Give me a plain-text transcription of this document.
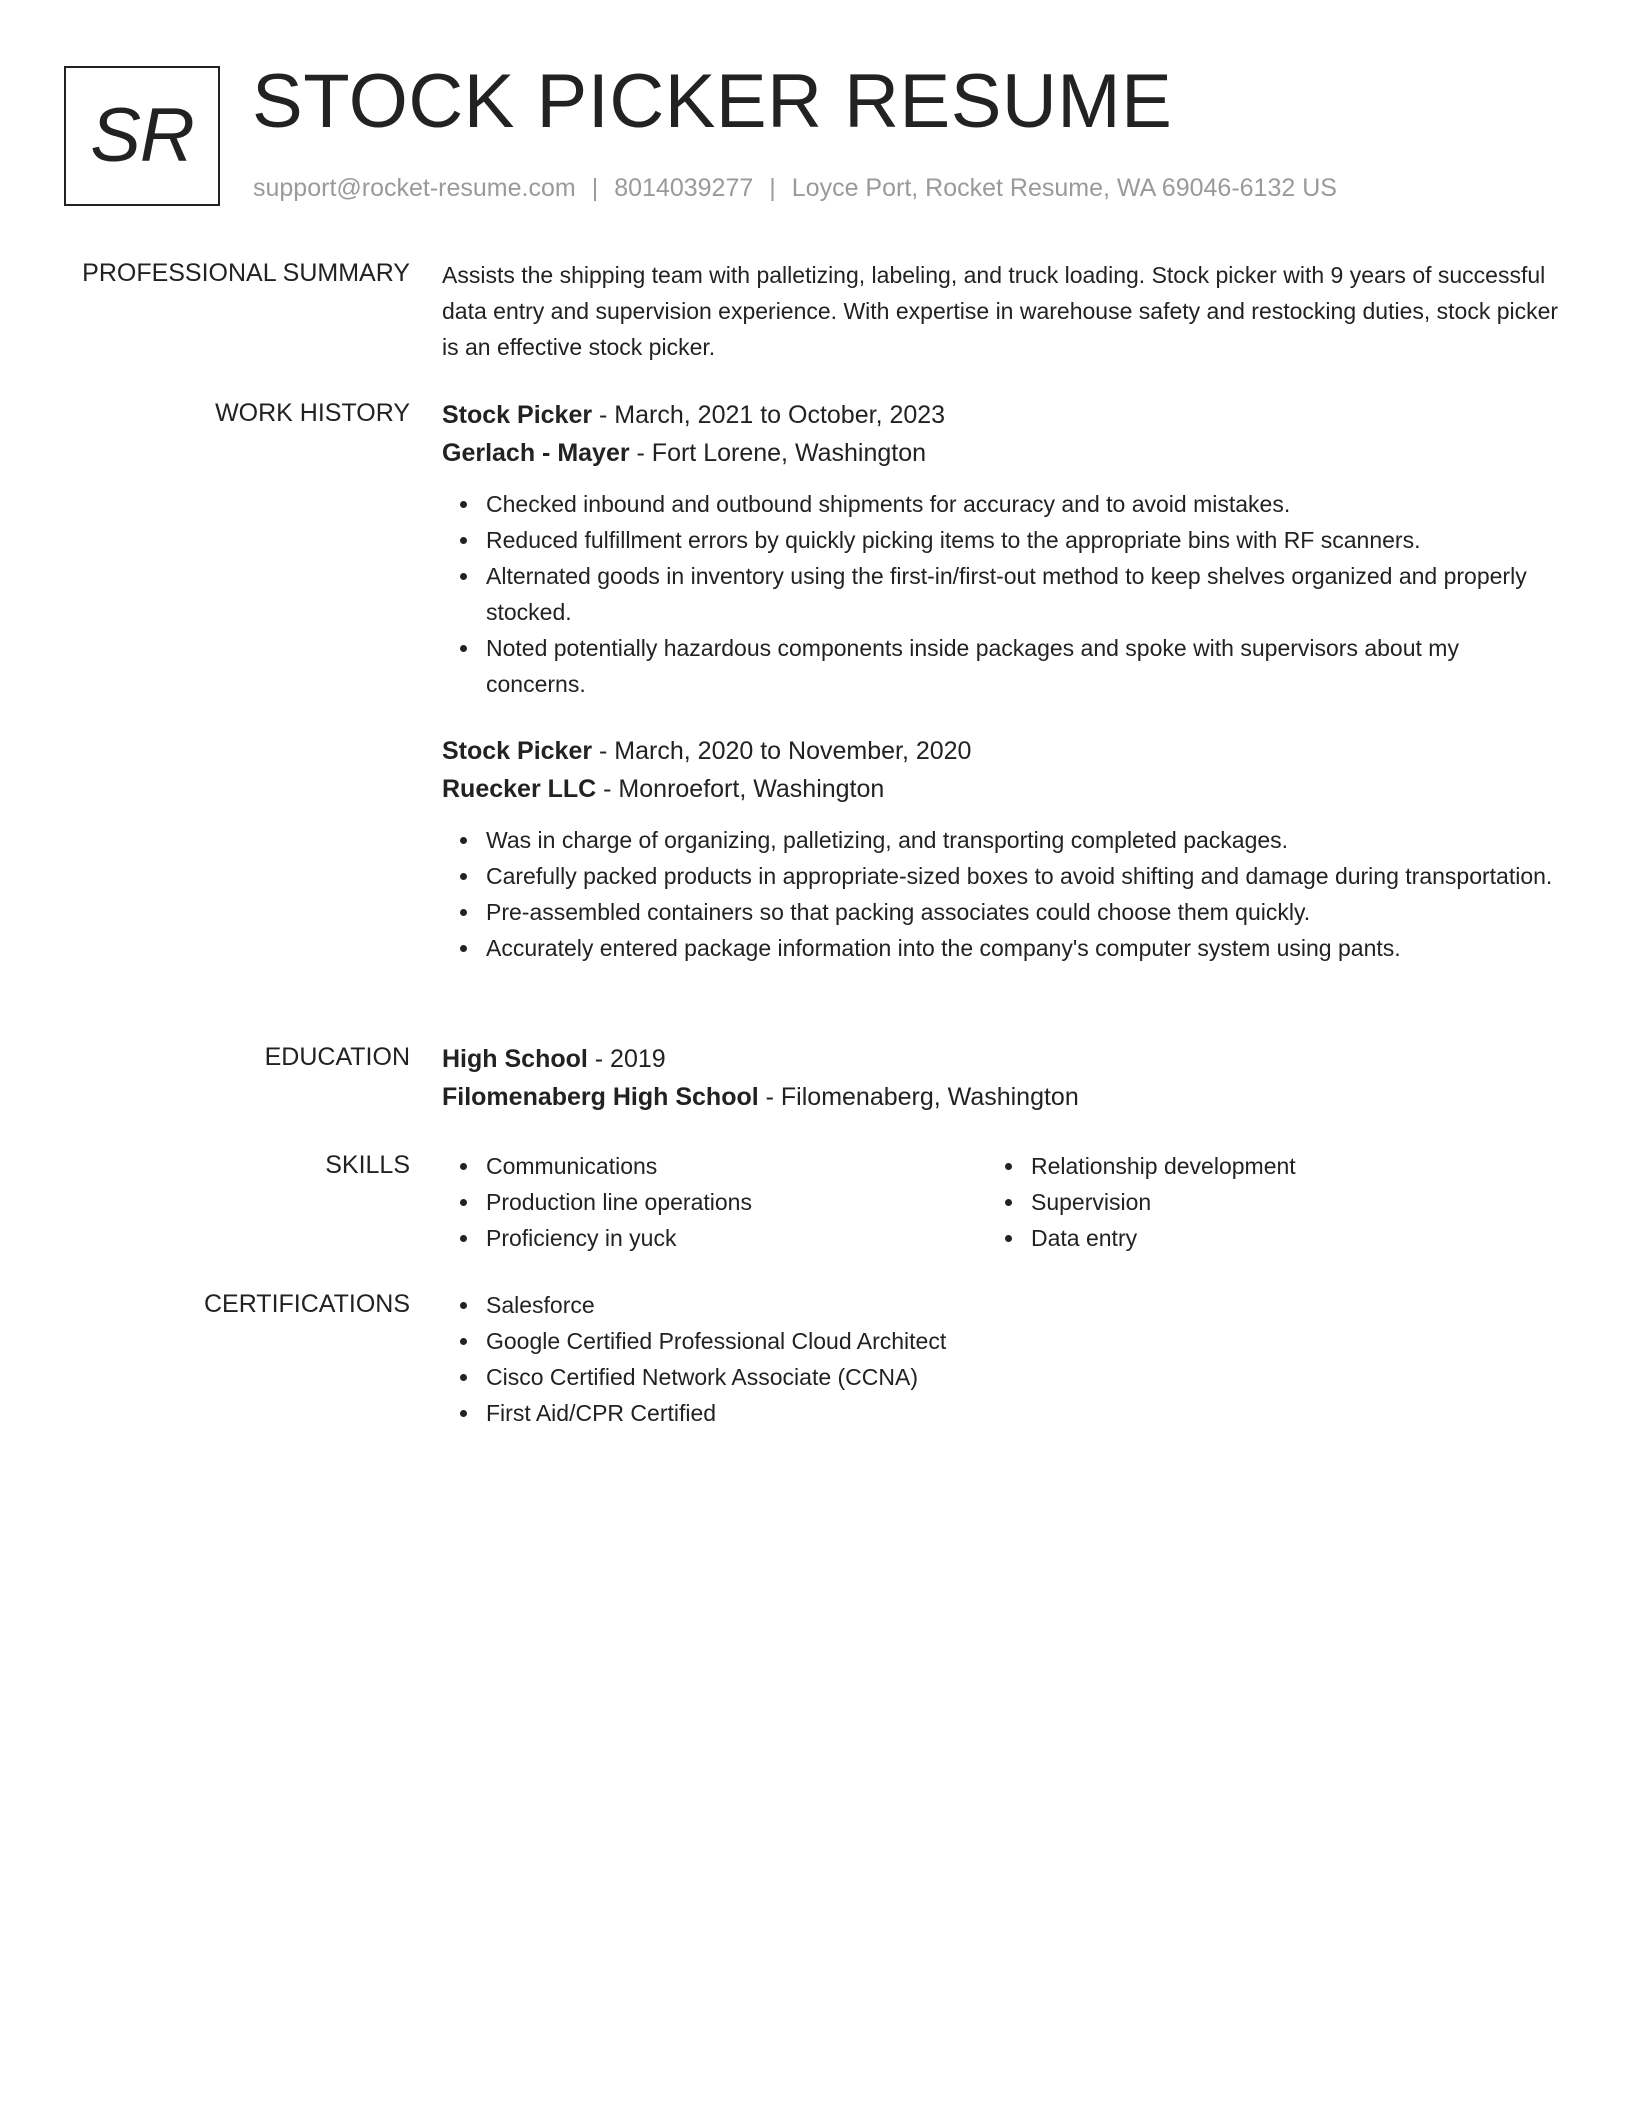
SR STOCK PICKER RESUME
support@rocket-resume.com | 8014039277 | Loyce Port, Rocket Resume, WA 69046-6132 US
PROFESSIONAL SUMMARY Assists the shipping team with palletizing, labeling, and truck loading. Stock picker with 9 years of successful data entry and supervision experience. With expertise in warehouse safety and restocking duties, stock picker is an effective stock picker.

WORK HISTORY Stock Picker - March, 2021 to October, 2023

Gerlach - Mayer - Fort Lorene, Washington

Checked inbound and outbound shipments for accuracy and to avoid mistakes.
Reduced fulfillment errors by quickly picking items to the appropriate bins with RF scanners.
Alternated goods in inventory using the first-in/first-out method to keep shelves organized and properly stocked.
Noted potentially hazardous components inside packages and spoke with supervisors about my concerns.

Stock Picker - March, 2020 to November, 2020

Ruecker LLC - Monroefort, Washington

Was in charge of organizing, palletizing, and transporting completed packages.
Carefully packed products in appropriate-sized boxes to avoid shifting and damage during transportation.
Pre-assembled containers so that packing associates could choose them quickly.
Accurately entered package information into the company's computer system using pants.
EDUCATION High School - 2019

Filomenaberg High School - Filomenaberg, Washington

SKILLS	Communications
Production line operations
Proficiency in yuck
Relationship development
Supervision
Data entry
CERTIFICATIONS	Salesforce
Google Certified Professional Cloud Architect
Cisco Certified Network Associate (CCNA)
First Aid/CPR Certified
